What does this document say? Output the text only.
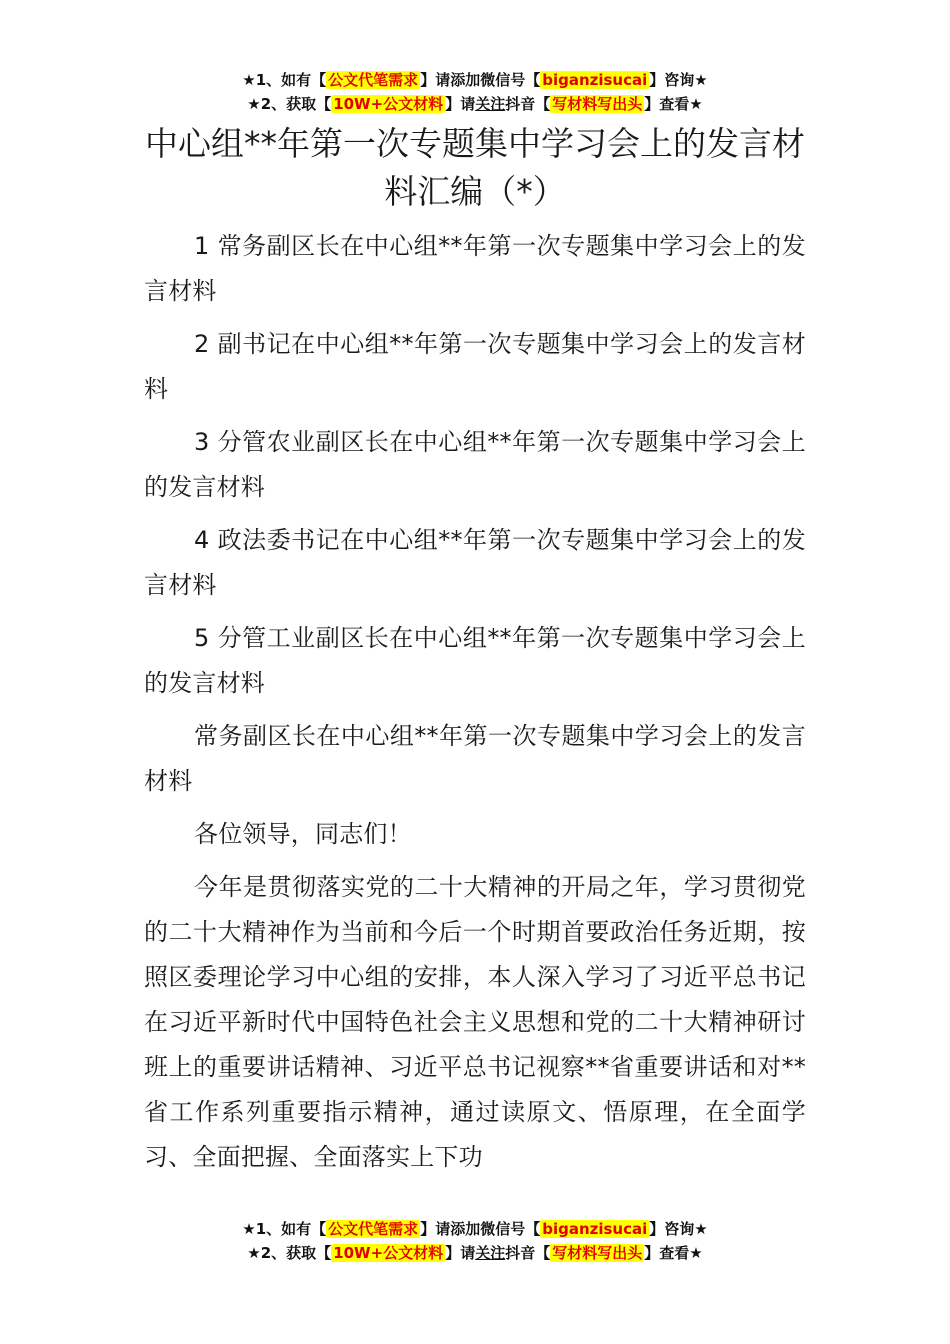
★1、如有【 公文代笔需求 】请添加微信号【 biganzisucai 】咨询★
★2、获取【 10W+公文材料 】请关注抖音【 写材料写出头 】查看★
中心组**年第一次专题集中学习会上的发言材料汇编（*）

1 常务副区长在中心组**年第一次专题集中学习会上的发言材料

2 副书记在中心组**年第一次专题集中学习会上的发言材料

3 分管农业副区长在中心组**年第一次专题集中学习会上的发言材料

4 政法委书记在中心组**年第一次专题集中学习会上的发言材料

5 分管工业副区长在中心组**年第一次专题集中学习会上的发言材料

常务副区长在中心组**年第一次专题集中学习会上的发言材料

各位领导，同志们！

今年是贯彻落实党的二十大精神的开局之年，学习贯彻党的二十大精神作为当前和今后一个时期首要政治任务近期，按照区委理论学习中心组的安排，本人深入学习了习近平总书记在习近平新时代中国特色社会主义思想和党的二十大精神研讨班上的重要讲话精神、习近平总书记视察**省重要讲话和对**省工作系列重要指示精神，通过读原文、悟原理，在全面学习、全面把握、全面落实上下功

★1、如有【 公文代笔需求 】请添加微信号【 biganzisucai 】咨询★
★2、获取【 10W+公文材料 】请关注抖音【 写材料写出头 】查看★
